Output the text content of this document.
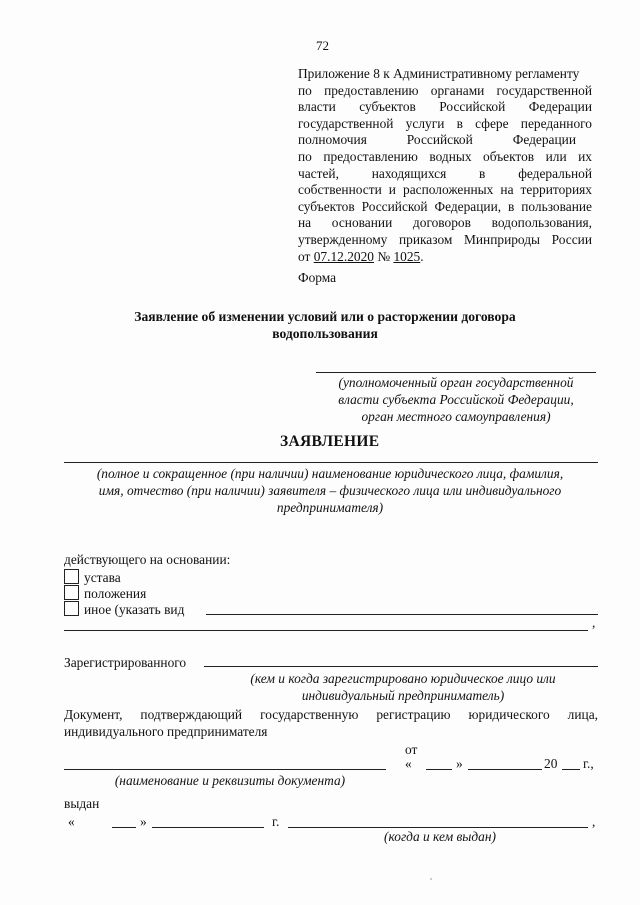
72
Приложение 8 к Административному регламенту
по предоставлению органами государственной
власти субъектов Российской Федерации
государственной услуги в сфере переданного
полномочия Российской Федерации
по предоставлению водных объектов или их
частей, находящихся в федеральной
собственности и расположенных на территориях
субъектов Российской Федерации, в пользование
на основании договоров водопользования,
утвержденному приказом Минприроды России
от 07.12.2020 № 1025.
Форма
Заявление об изменении условий или о расторжении договора
водопользования
(уполномоченный орган государственной
власти субъекта Российской Федерации,
орган местного самоуправления)
ЗАЯВЛЕНИЕ
(полное и сокращенное (при наличии) наименование юридического лица, фамилия,
имя, отчество (при наличии) заявителя – физического лица или индивидуального
предпринимателя)
действующего на основании:
устава
положения
иное (указать вид
,
Зарегистрированного
(кем и когда зарегистрировано юридическое лицо или
индивидуальный предприниматель)
Документ, подтверждающий государственную регистрацию юридического лица,
индивидуального предпринимателя
от
«	»	20 г.,
(наименование и реквизиты документа)
выдан
«	»	г.	,
(когда и кем выдан)
